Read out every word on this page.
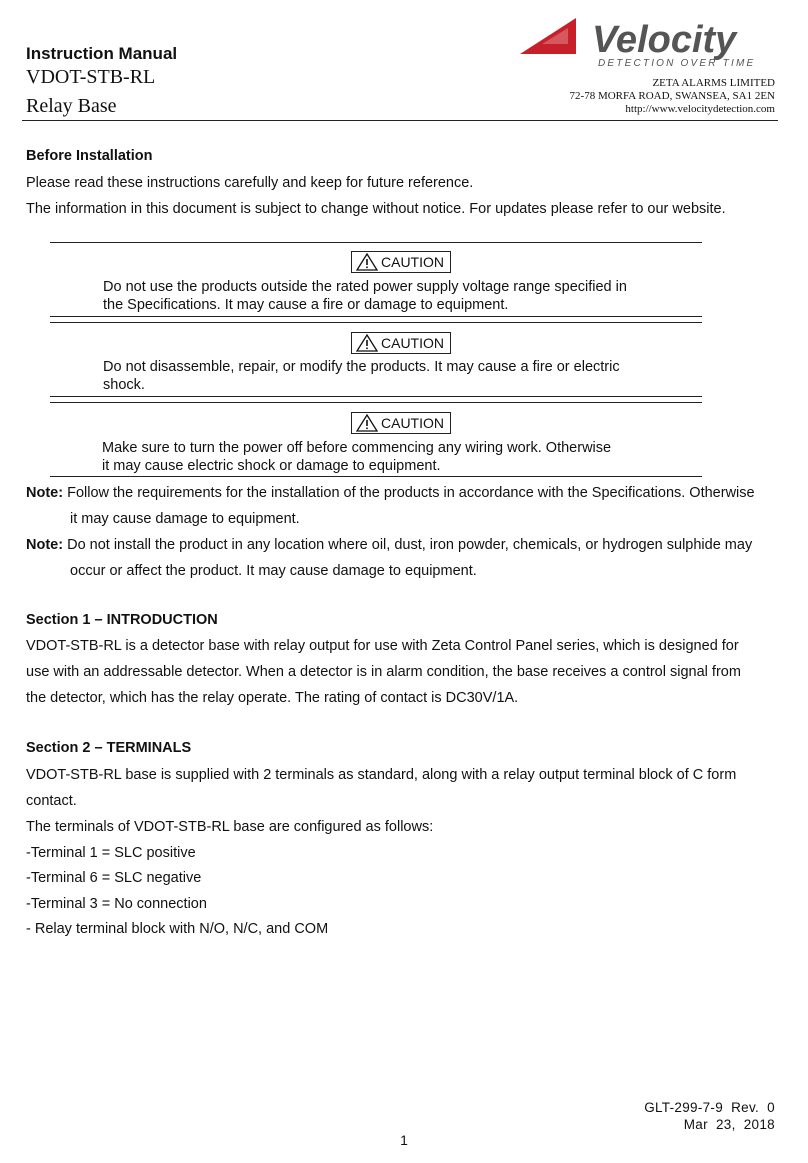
Instruction Manual
VDOT-STB-RL
Relay Base
Velocity
DETECTION OVER TIME
ZETA ALARMS LIMITED
72-78 MORFA ROAD, SWANSEA, SA1 2EN
http://www.velocitydetection.com
Before Installation
Please read these instructions carefully and keep for future reference.
The information in this document is subject to change without notice. For updates please refer to our website.
CAUTION
Do not use the products outside the rated power supply voltage range specified in
the Specifications. It may cause a fire or damage to equipment.
CAUTION
Do not disassemble, repair, or modify the products. It may cause a fire or electric
shock.
CAUTION
Make sure to turn the power off before commencing any wiring work. Otherwise
it may cause electric shock or damage to equipment.
Note: Follow the requirements for the installation of the products in accordance with the Specifications. Otherwise
it may cause damage to equipment.
Note: Do not install the product in any location where oil, dust, iron powder, chemicals, or hydrogen sulphide may
occur or affect the product. It may cause damage to equipment.
Section 1 – INTRODUCTION
VDOT-STB-RL is a detector base with relay output for use with Zeta Control Panel series, which is designed for
use with an addressable detector. When a detector is in alarm condition, the base receives a control signal from
the detector, which has the relay operate. The rating of contact is DC30V/1A.
Section 2 – TERMINALS
VDOT-STB-RL base is supplied with 2 terminals as standard, along with a relay output terminal block of C form
contact.
The terminals of VDOT-STB-RL base are configured as follows:
-Terminal 1 = SLC positive
-Terminal 6 = SLC negative
-Terminal 3 = No connection
- Relay terminal block with N/O, N/C, and COM
GLT-299-7-9  Rev.  0
Mar  23,  2018
1
